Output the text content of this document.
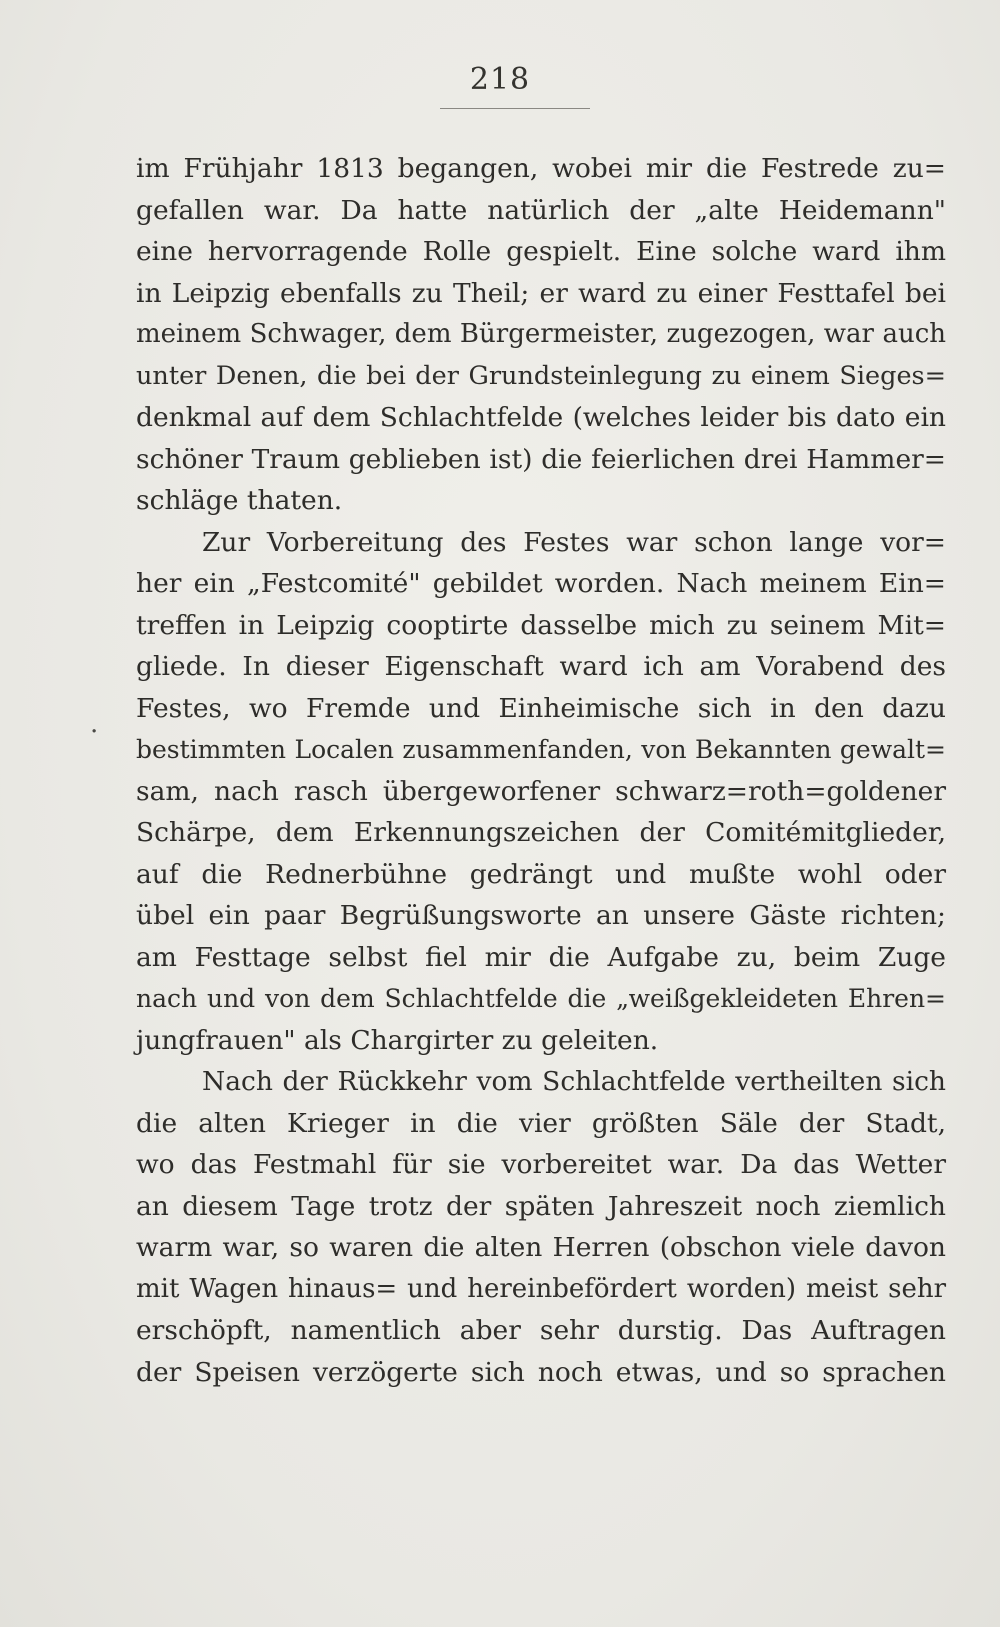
218
.
im Frühjahr 1813 begangen, wobei mir die Festrede zu=
gefallen war. Da hatte natürlich der „alte Heidemann"
eine hervorragende Rolle gespielt. Eine solche ward ihm
in Leipzig ebenfalls zu Theil; er ward zu einer Festtafel bei
meinem Schwager, dem Bürgermeister, zugezogen, war auch
unter Denen, die bei der Grundsteinlegung zu einem Sieges=
denkmal auf dem Schlachtfelde (welches leider bis dato ein
schöner Traum geblieben ist) die feierlichen drei Hammer=
schläge thaten.
Zur Vorbereitung des Festes war schon lange vor=
her ein „Festcomité" gebildet worden. Nach meinem Ein=
treffen in Leipzig cooptirte dasselbe mich zu seinem Mit=
gliede. In dieser Eigenschaft ward ich am Vorabend des
Festes, wo Fremde und Einheimische sich in den dazu
bestimmten Localen zusammenfanden, von Bekannten gewalt=
sam, nach rasch übergeworfener schwarz=roth=goldener
Schärpe, dem Erkennungszeichen der Comitémitglieder,
auf die Rednerbühne gedrängt und mußte wohl oder
übel ein paar Begrüßungsworte an unsere Gäste richten;
am Festtage selbst fiel mir die Aufgabe zu, beim Zuge
nach und von dem Schlachtfelde die „weißgekleideten Ehren=
jungfrauen" als Chargirter zu geleiten.
Nach der Rückkehr vom Schlachtfelde vertheilten sich
die alten Krieger in die vier größten Säle der Stadt,
wo das Festmahl für sie vorbereitet war. Da das Wetter
an diesem Tage trotz der späten Jahreszeit noch ziemlich
warm war, so waren die alten Herren (obschon viele davon
mit Wagen hinaus= und hereinbefördert worden) meist sehr
erschöpft, namentlich aber sehr durstig. Das Auftragen
der Speisen verzögerte sich noch etwas, und so sprachen
